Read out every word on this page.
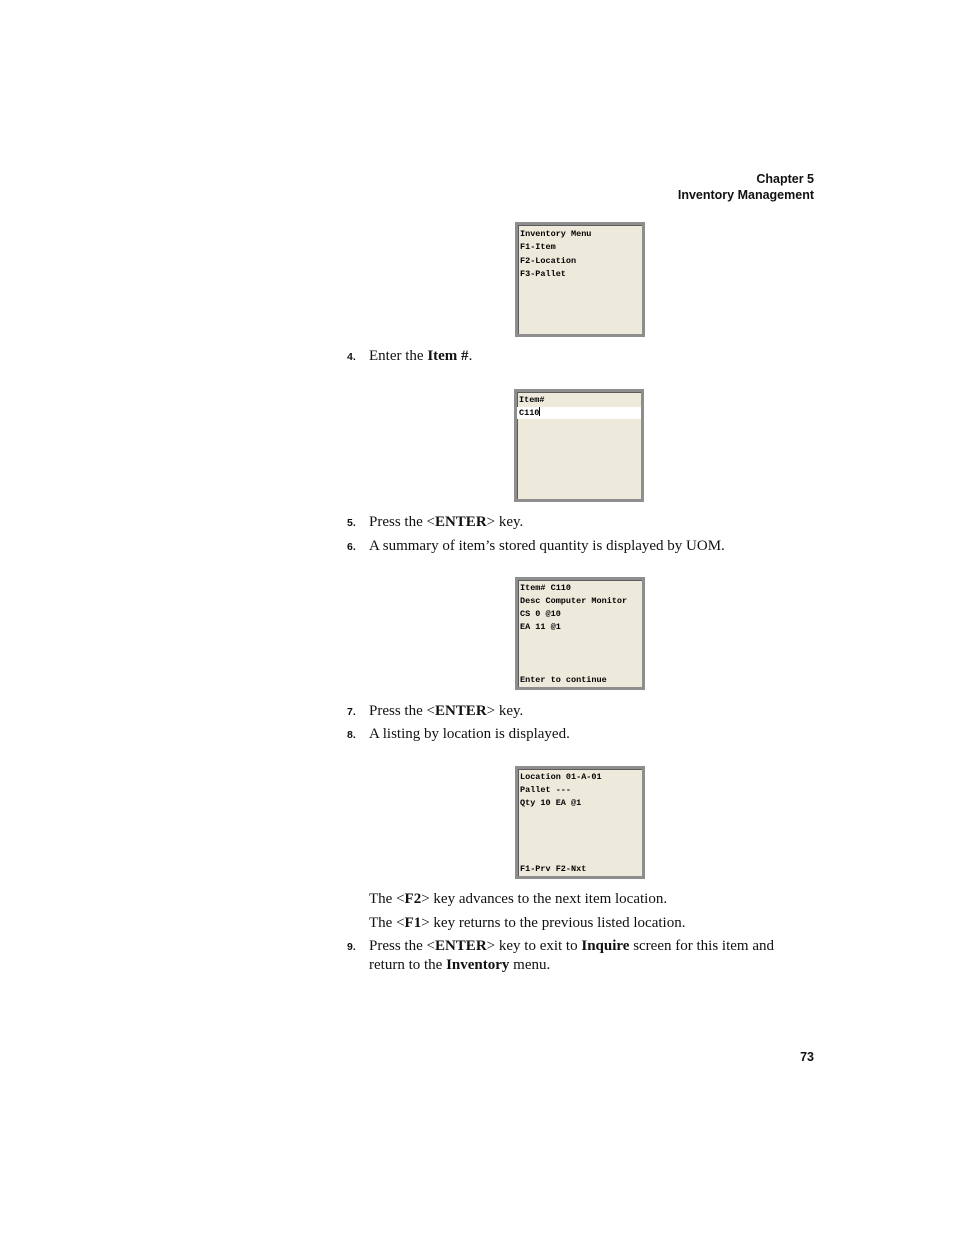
Chapter 5
Inventory Management
Inventory Menu
F1-Item
F2-Location
F3-Pallet
4. Enter the Item #.
Item#
C110
5. Press the <ENTER> key.
6. A summary of item’s stored quantity is displayed by UOM.
Item# C110
Desc Computer Monitor
CS 0 @10
EA 11 @1
Enter to continue
7. Press the <ENTER> key.
8. A listing by location is displayed.
Location 01-A-01
Pallet ---
Qty 10 EA @1
F1-Prv F2-Nxt
The <F2> key advances to the next item location.
The <F1> key returns to the previous listed location.
9. Press the <ENTER> key to exit to Inquire screen for this item and return to the Inventory menu.
73
